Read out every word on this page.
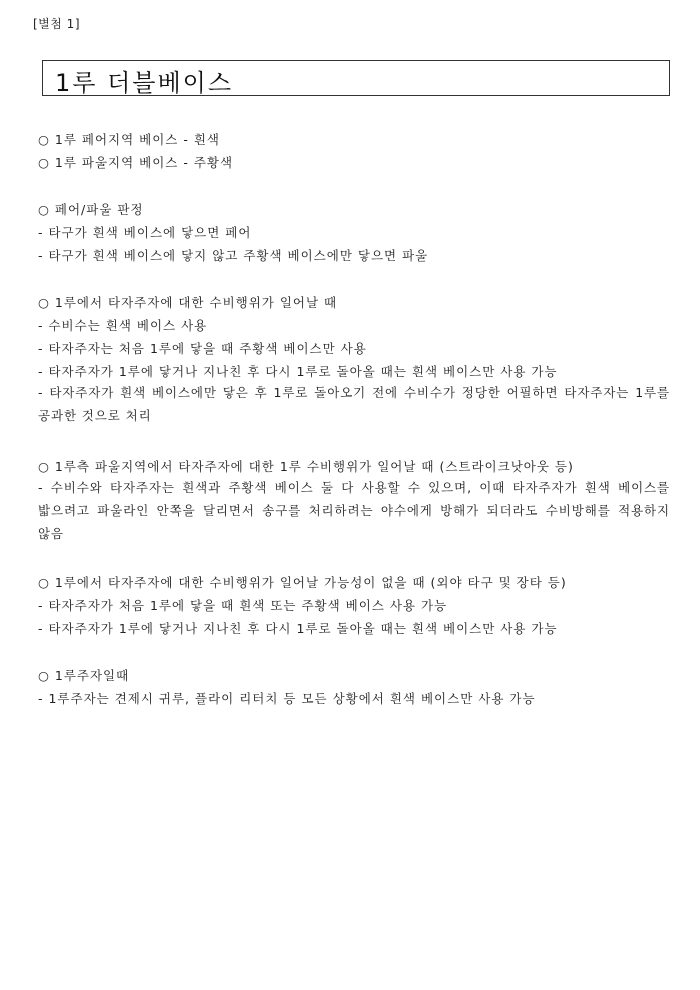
[별첨 1]
1루 더블베이스
○ 1루 페어지역 베이스 - 흰색
○ 1루 파울지역 베이스 - 주황색
○ 페어/파울 판정
- 타구가 흰색 베이스에 닿으면 페어
- 타구가 흰색 베이스에 닿지 않고 주황색 베이스에만 닿으면 파울
○ 1루에서 타자주자에 대한 수비행위가 일어날 때
- 수비수는 흰색 베이스 사용
- 타자주자는 처음 1루에 닿을 때 주황색 베이스만 사용
- 타자주자가 1루에 닿거나 지나친 후 다시 1루로 돌아올 때는 흰색 베이스만 사용 가능
- 타자주자가 흰색 베이스에만 닿은 후 1루로 돌아오기 전에 수비수가 정당한 어필하면 타자주자는 1루를 공과한 것으로 처리
○ 1루측 파울지역에서 타자주자에 대한 1루 수비행위가 일어날 때 (스트라이크낫아웃 등)
- 수비수와 타자주자는 흰색과 주황색 베이스 둘 다 사용할 수 있으며, 이때 타자주자가 흰색 베이스를 밟으려고 파울라인 안쪽을 달리면서 송구를 처리하려는 야수에게 방해가 되더라도 수비방해를 적용하지 않음
○ 1루에서 타자주자에 대한 수비행위가 일어날 가능성이 없을 때 (외야 타구 및 장타 등)
- 타자주자가 처음 1루에 닿을 때 흰색 또는 주황색 베이스 사용 가능
- 타자주자가 1루에 닿거나 지나친 후 다시 1루로 돌아올 때는 흰색 베이스만 사용 가능
○ 1루주자일때
- 1루주자는 견제시 귀루, 플라이 리터치 등 모든 상황에서 흰색 베이스만 사용 가능
